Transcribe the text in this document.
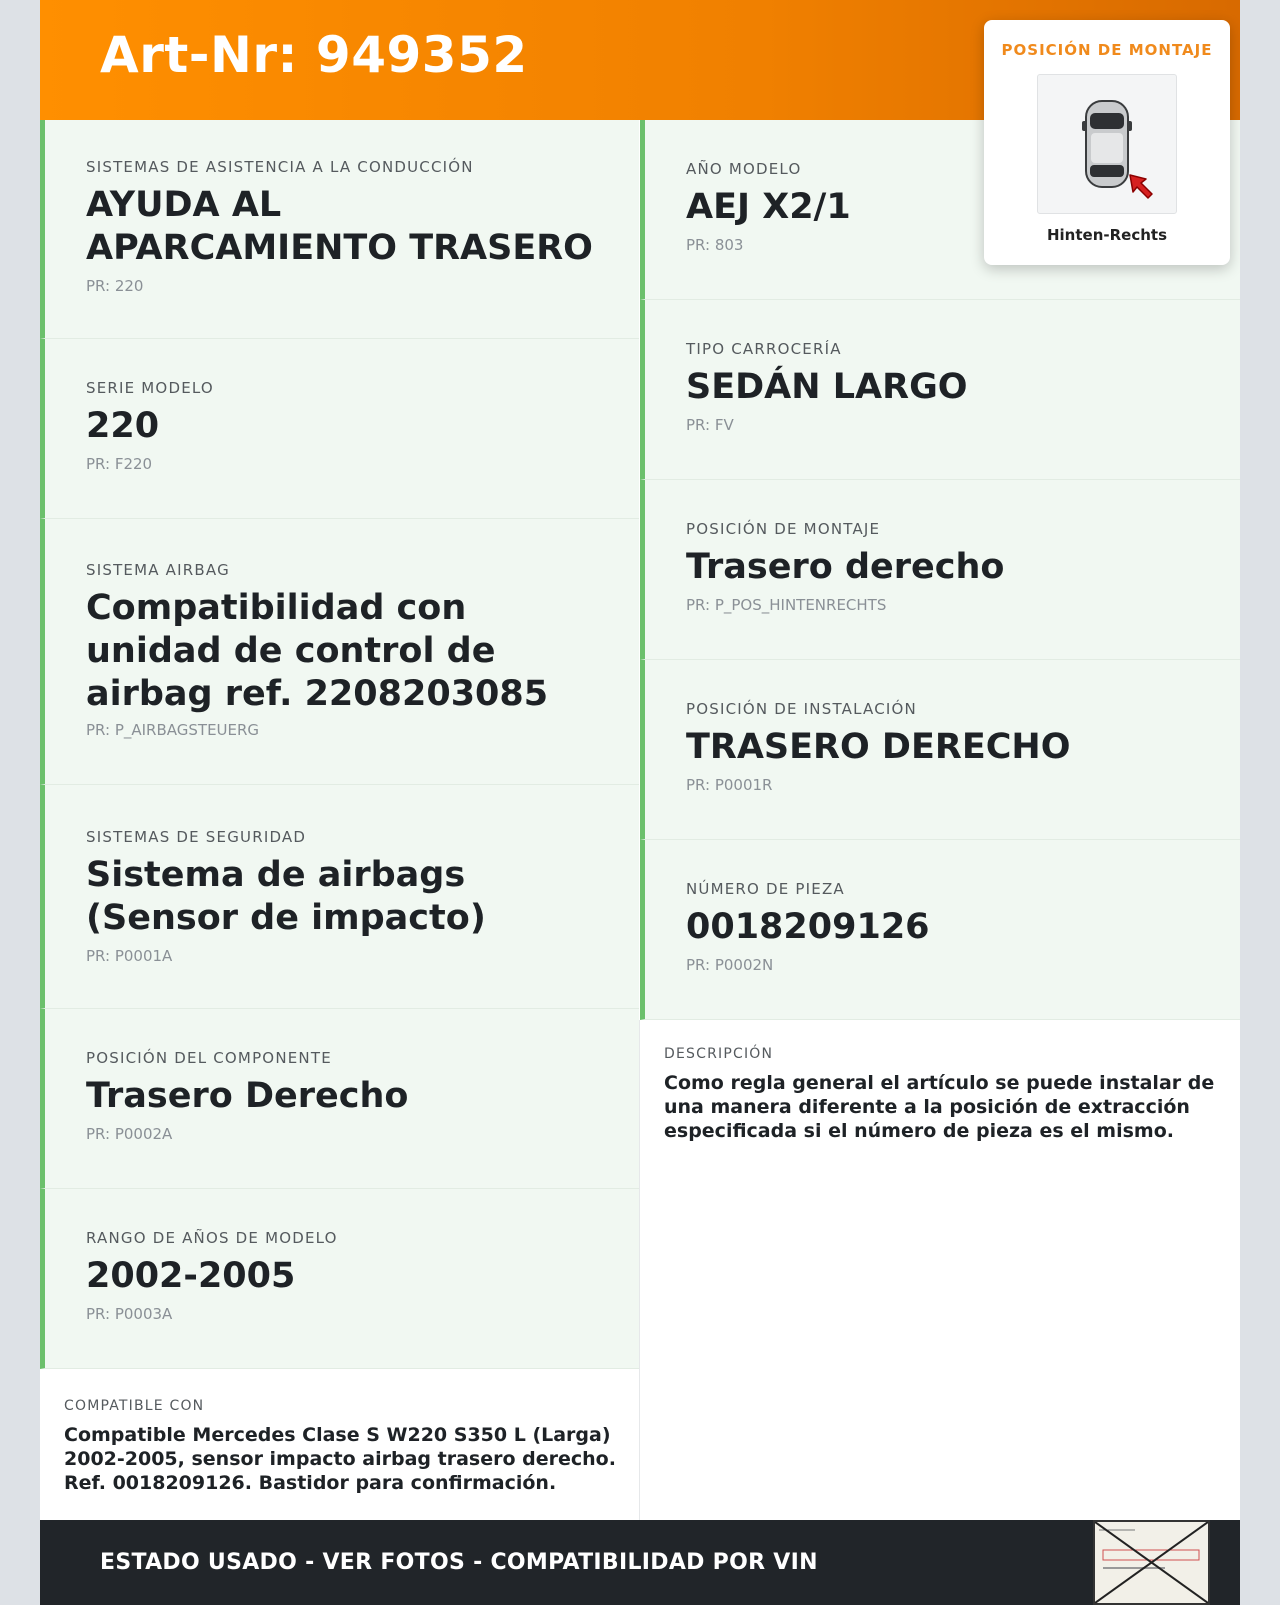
Art-Nr: 949352
SISTEMAS DE ASISTENCIA A LA CONDUCCIÓN
AYUDA AL APARCAMIENTO TRASERO
PR: 220
SERIE MODELO
220
PR: F220
SISTEMA AIRBAG
Compatibilidad con unidad de control de airbag ref. 2208203085
PR: P_AIRBAGSTEUERG
SISTEMAS DE SEGURIDAD
Sistema de airbags (Sensor de impacto)
PR: P0001A
POSICIÓN DEL COMPONENTE
Trasero Derecho
PR: P0002A
RANGO DE AÑOS DE MODELO
2002-2005
PR: P0003A
AÑO MODELO
AEJ X2/1
PR: 803
TIPO CARROCERÍA
SEDÁN LARGO
PR: FV
POSICIÓN DE MONTAJE
Trasero derecho
PR: P_POS_HINTENRECHTS
POSICIÓN DE INSTALACIÓN
TRASERO DERECHO
PR: P0001R
NÚMERO DE PIEZA
0018209126
PR: P0002N
DESCRIPCIÓN
Como regla general el artículo se puede instalar de una manera diferente a la posición de extracción especificada si el número de pieza es el mismo.
COMPATIBLE CON
Compatible Mercedes Clase S W220 S350 L (Larga) 2002-2005, sensor impacto airbag trasero derecho. Ref. 0018209126. Bastidor para confirmación.
POSICIÓN DE MONTAJE
Hinten-Rechts
ESTADO USADO - VER FOTOS - COMPATIBILIDAD POR VIN
